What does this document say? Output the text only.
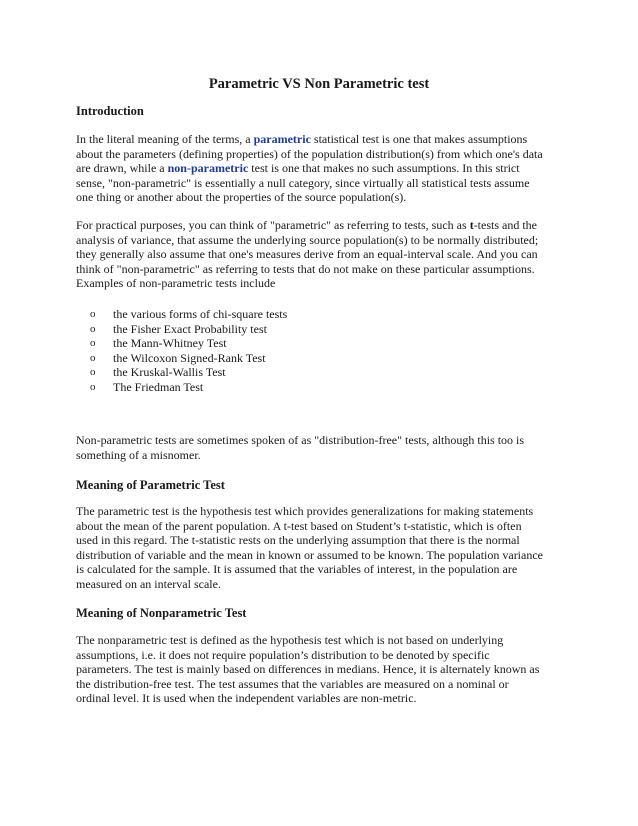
Parametric VS Non Parametric test
Introduction
In the literal meaning of the terms, a parametric statistical test is one that makes assumptions
about the parameters (defining properties) of the population distribution(s) from which one's data
are drawn, while a non-parametric test is one that makes no such assumptions. In this strict
sense, "non-parametric" is essentially a null category, since virtually all statistical tests assume
one thing or another about the properties of the source population(s).
For practical purposes, you can think of "parametric" as referring to tests, such as t-tests and the
analysis of variance, that assume the underlying source population(s) to be normally distributed;
they generally also assume that one's measures derive from an equal-interval scale. And you can
think of "non-parametric" as referring to tests that do not make on these particular assumptions.
Examples of non-parametric tests include
o the various forms of chi-square tests
o the Fisher Exact Probability test
o the Mann-Whitney Test
o the Wilcoxon Signed-Rank Test
o the Kruskal-Wallis Test
o The Friedman Test
Non-parametric tests are sometimes spoken of as "distribution-free" tests, although this too is
something of a misnomer.
Meaning of Parametric Test
The parametric test is the hypothesis test which provides generalizations for making statements
about the mean of the parent population. A t-test based on Student’s t-statistic, which is often
used in this regard. The t-statistic rests on the underlying assumption that there is the normal
distribution of variable and the mean in known or assumed to be known. The population variance
is calculated for the sample. It is assumed that the variables of interest, in the population are
measured on an interval scale.
Meaning of Nonparametric Test
The nonparametric test is defined as the hypothesis test which is not based on underlying
assumptions, i.e. it does not require population’s distribution to be denoted by specific
parameters. The test is mainly based on differences in medians. Hence, it is alternately known as
the distribution-free test. The test assumes that the variables are measured on a nominal or
ordinal level. It is used when the independent variables are non-metric.
